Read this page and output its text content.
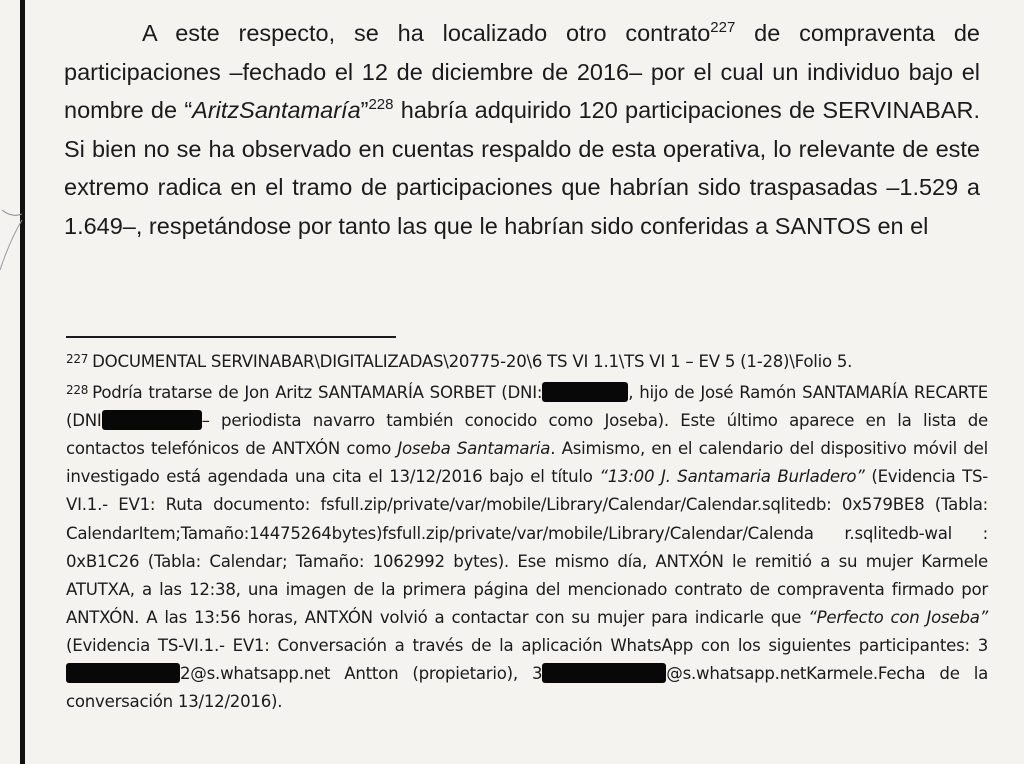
A este respecto, se ha localizado otro contrato$^{227}$ de compraventa de participaciones –fechado el 12 de diciembre de 2016– por el cual un individuo bajo el nombre de “AritzSantamaría”$^{228}$ habría adquirido 120 participaciones de SERVINABAR. Si bien no se ha observado en cuentas respaldo de esta operativa, lo relevante de este extremo radica en el tramo de participaciones que habrían sido traspasadas –1.529 a 1.649–, respetándose por tanto las que le habrían sido conferidas a SANTOS en el

$^{227}$ DOCUMENTAL SERVINABAR\DIGITALIZADAS\20775-20\6 TS VI 1.1\TS VI 1 – EV 5 (1-28)\Folio 5.

$^{228}$ Podría tratarse de Jon Aritz SANTAMARÍA SORBET (DNI:	, hijo de José Ramón SANTAMARÍA RECARTE (DNI	– periodista navarro también conocido como Joseba). Este último aparece en la lista de contactos telefónicos de ANTXÓN como Joseba Santamaria. Asimismo, en el calendario del dispositivo móvil del investigado está agendada una cita el 13/12/2016 bajo el título “13:00 J. Santamaria Burladero” (Evidencia TS-VI.1.- EV1: Ruta documento: fsfull.zip/private/var/mobile/Library/Calendar/Calendar.sqlitedb: 0x579BE8 (Tabla: CalendarItem;Tamaño:14475264bytes)fsfull.zip/private/var/mobile/Library/Calendar/Calenda r.sqlitedb-wal : 0xB1C26 (Tabla: Calendar; Tamaño: 1062992 bytes). Ese mismo día, ANTXÓN le remitió a su mujer Karmele ATUTXA, a las 12:38, una imagen de la primera página del mencionado contrato de compraventa firmado por ANTXÓN. A las 13:56 horas, ANTXÓN volvió a contactar con su mujer para indicarle que “Perfecto con Joseba” (Evidencia TS-VI.1.- EV1: Conversación a través de la aplicación WhatsApp con los siguientes participantes: 32@s.whatsapp.net Antton (propietario), 3	@s.whatsapp.netKarmele.Fecha de la conversación 13/12/2016).
